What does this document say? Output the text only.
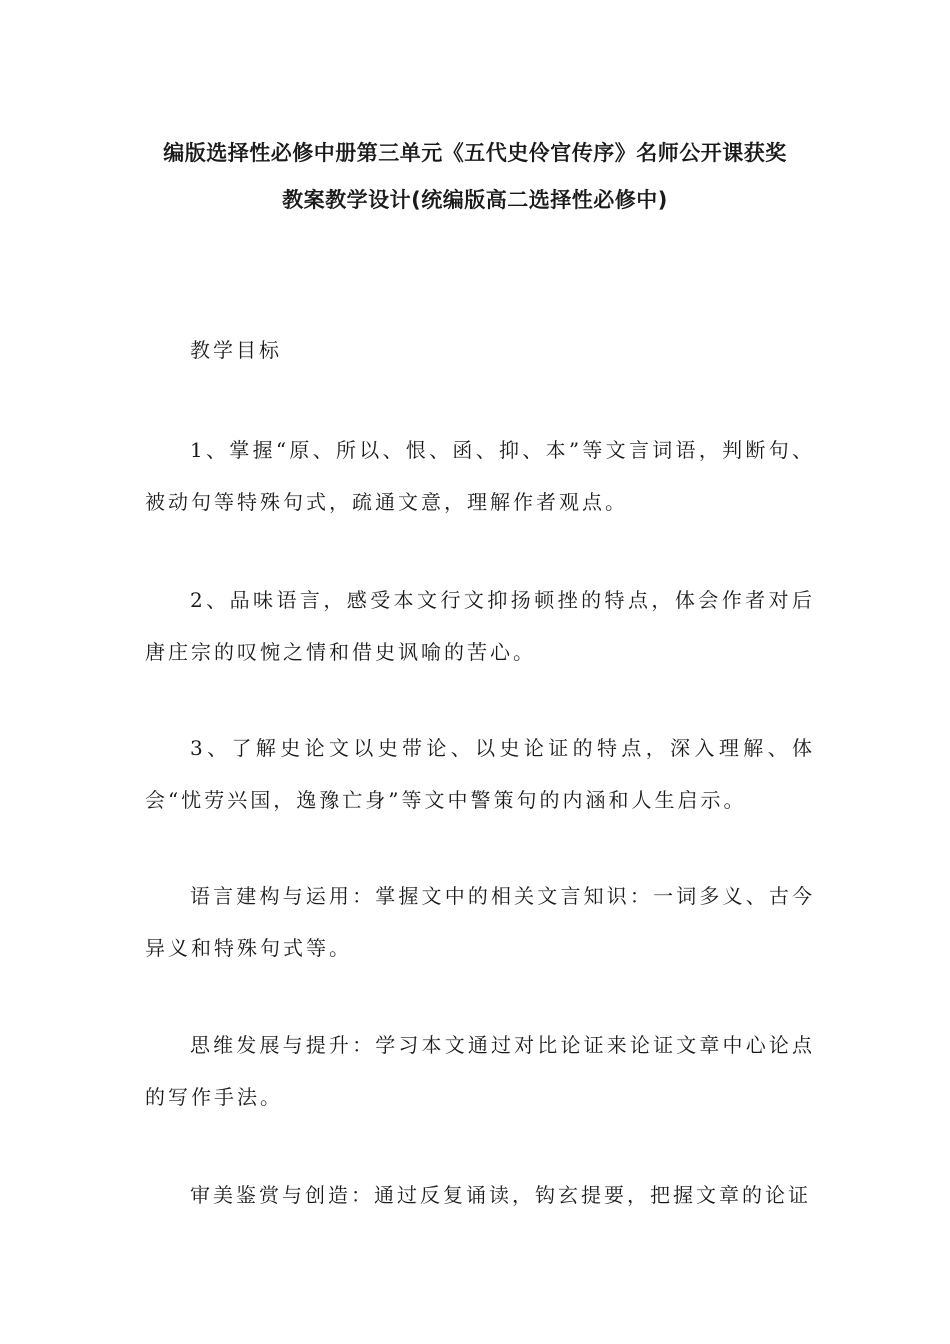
编版选择性必修中册第三单元《五代史伶官传序》名师公开课获奖
教案教学设计(统编版高二选择性必修中)

教学目标

1、掌握“原、所以、恨、函、抑、本”等文言词语，判断句、被动句等特殊句式，疏通文意，理解作者观点。

2、品味语言，感受本文行文抑扬顿挫的特点，体会作者对后唐庄宗的叹惋之情和借史讽喻的苦心。

3、了解史论文以史带论、以史论证的特点，深入理解、体会“忧劳兴国，逸豫亡身”等文中警策句的内涵和人生启示。

语言建构与运用：掌握文中的相关文言知识：一词多义、古今异义和特殊句式等。

思维发展与提升：学习本文通过对比论证来论证文章中心论点的写作手法。

审美鉴赏与创造：通过反复诵读，钩玄提要，把握文章的论证
